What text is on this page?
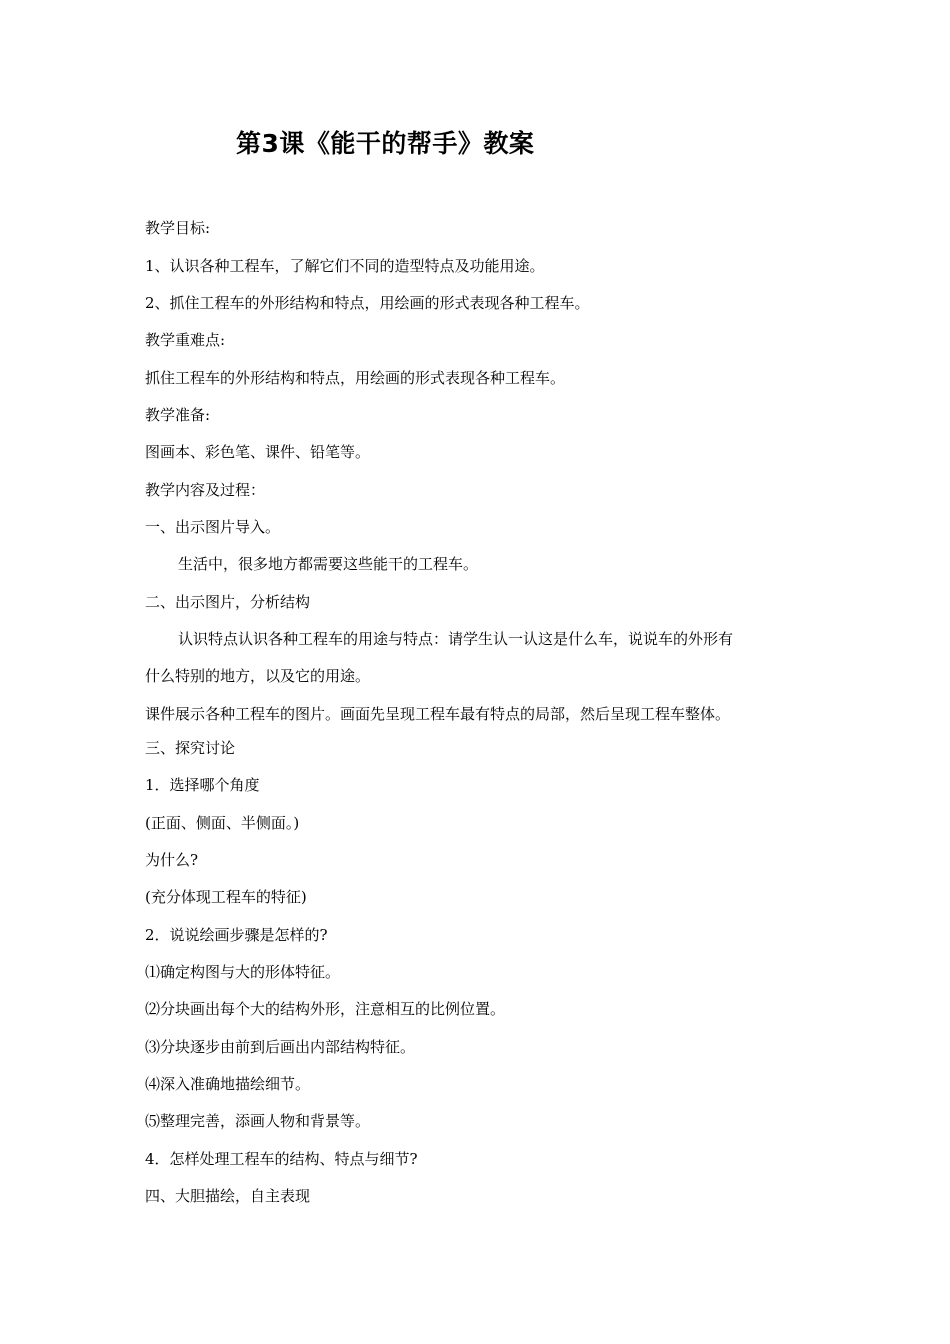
第3课《能干的帮手》教案
教学目标:
1、认识各种工程车，了解它们不同的造型特点及功能用途。
2、抓住工程车的外形结构和特点，用绘画的形式表现各种工程车。
教学重难点:
抓住工程车的外形结构和特点，用绘画的形式表现各种工程车。
教学准备:
图画本、彩色笔、课件、铅笔等。
教学内容及过程：
一、出示图片导入。
生活中，很多地方都需要这些能干的工程车。
二、出示图片，分析结构
认识特点认识各种工程车的用途与特点：请学生认一认这是什么车，说说车的外形有
什么特别的地方，以及它的用途。
课件展示各种工程车的图片。画面先呈现工程车最有特点的局部，然后呈现工程车整体。
三、探究讨论
1．选择哪个角度
(正面、侧面、半侧面。)
为什么?
(充分体现工程车的特征)
2．说说绘画步骤是怎样的?
⑴确定构图与大的形体特征。
⑵分块画出每个大的结构外形，注意相互的比例位置。
⑶分块逐步由前到后画出内部结构特征。
⑷深入准确地描绘细节。
⑸整理完善，添画人物和背景等。
4．怎样处理工程车的结构、特点与细节?
四、大胆描绘，自主表现
